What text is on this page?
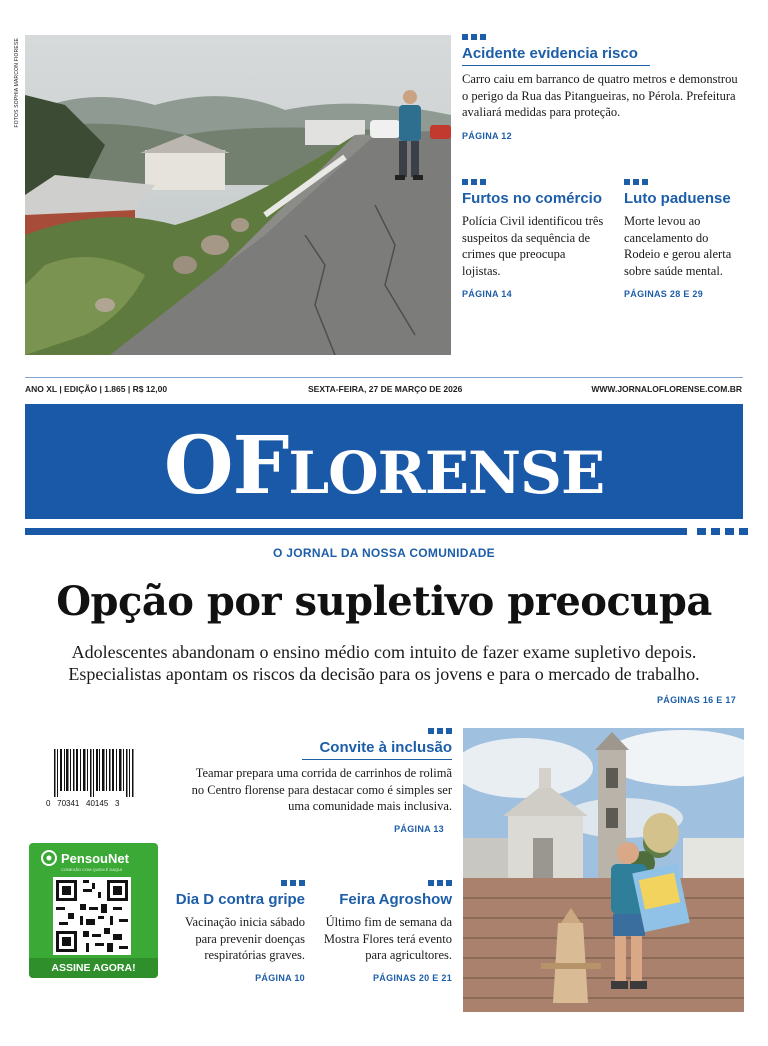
FOTOS SOPHIA MARCON FIORESE	Acidente evidencia risco
Carro caiu em barranco de quatro metros e demonstrou o perigo da Rua das Pitangueiras, no Pérola. Prefeitura avaliará medidas para proteção.
PÁGINA 12
Furtos no comércio
Polícia Civil identificou três suspeitos da sequência de crimes que preocupa lojistas.
PÁGINA 14
Luto paduense
Morte levou ao cancelamento do Rodeio e gerou alerta sobre saúde mental.
PÁGINAS 28 E 29
ANO XL | EDIÇÃO | 1.865 | R$ 12,00	SEXTA-FEIRA, 27 DE MARÇO DE 2026	WWW.JORNALOFLORENSE.COM.BR
OFLORENSE
O JORNAL DA NOSSA COMUNIDADE
Opção por supletivo preocupa
Adolescentes abandonam o ensino médio com intuito de fazer exame supletivo depois.
Especialistas apontam os riscos da decisão para os jovens e para o mercado de trabalho.
PÁGINAS 16 E 17
0   70341   40145   3
PensouNet
CONEXÃO COM QUEM É DAQUI
ASSINE AGORA!
Convite à inclusão
Teamar prepara uma corrida de carrinhos de rolimã no Centro florense para destacar como é simples ser uma comunidade mais inclusiva.
PÁGINA 13
Dia D contra gripe
Vacinação inicia sábado para prevenir doenças respiratórias graves.
PÁGINA 10
Feira Agroshow
Último fim de semana da Mostra Flores terá evento para agricultores.
PÁGINAS 20 E 21
